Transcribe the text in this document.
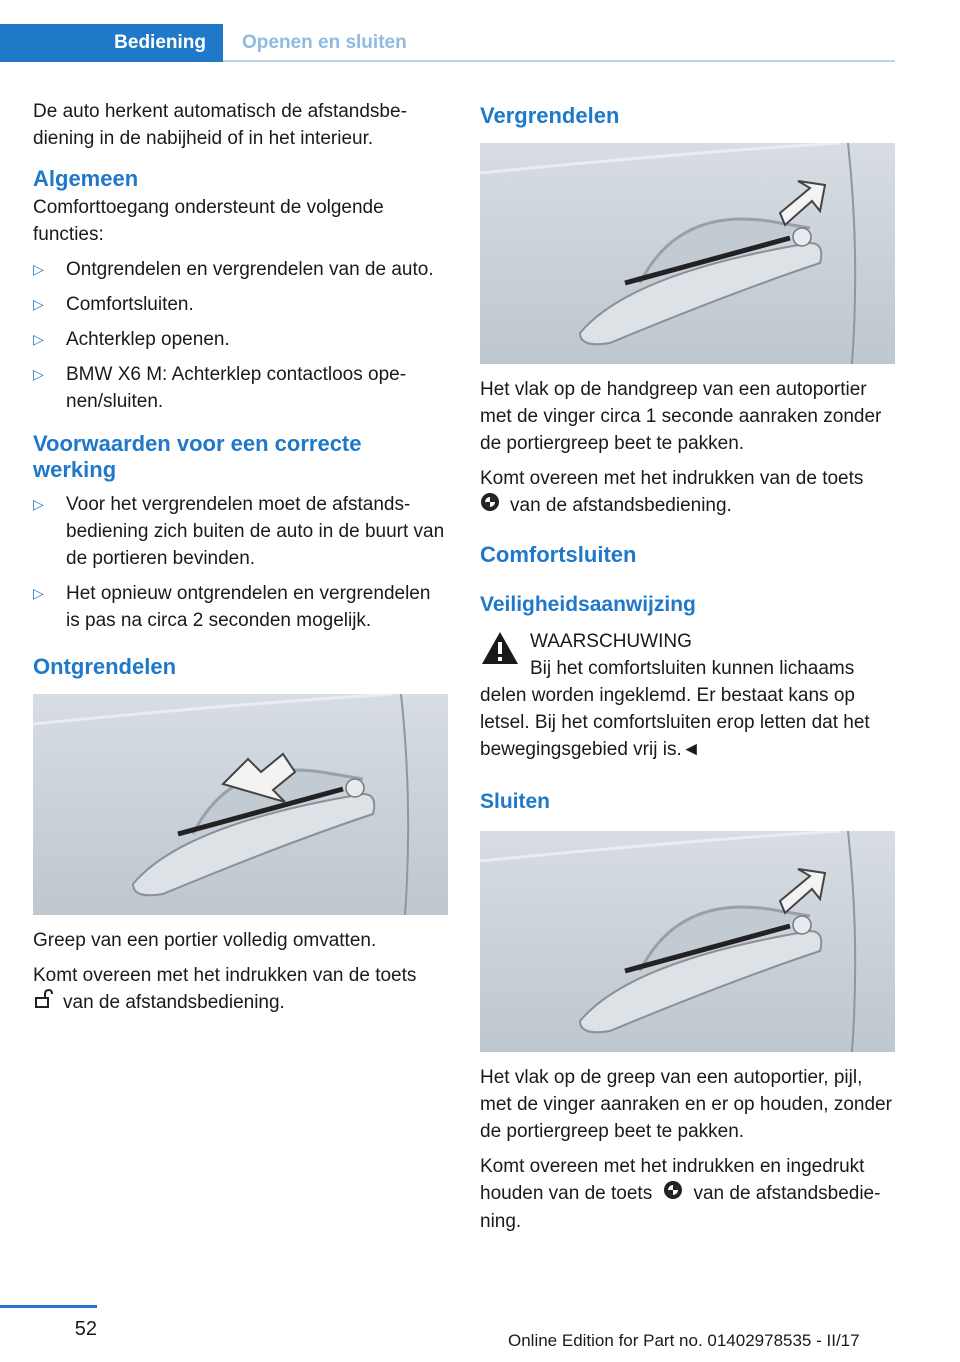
Bediening Openen en sluiten

De auto herkent automatisch de afstandsbediening in de nabijheid of in het interieur.

Algemeen

Comforttoegang ondersteunt de volgende functies:

▷ Ontgrendelen en vergrendelen van de auto.
▷ Comfortsluiten.
▷ Achterklep openen.
▷ BMW X6 M: Achterklep contactloos openen/sluiten.
Voorwaarden voor een correcte werking
▷ Voor het vergrendelen moet de afstandsbediening zich buiten de auto in de buurt van de portieren bevinden.
▷ Het opnieuw ontgrendelen en vergrendelen is pas na circa 2 seconden mogelijk.
Ontgrendelen

Greep van een portier volledig omvatten.

Komt overeen met het indrukken van de toets
van de afstandsbediening.

Vergrendelen

Het vlak op de handgreep van een autoportier met de vinger circa 1 seconde aanraken zonder de portiergreep beet te pakken.

Komt overeen met het indrukken van de toets
van de afstandsbediening.

Comfortsluiten
Veiligheidsaanwijzing
WAARSCHUWING
Bij het comfortsluiten kunnen lichaams
delen worden ingeklemd. Er bestaat kans op letsel. Bij het comfortsluiten erop letten dat het bewegingsgebied vrij is.◄
Sluiten

Het vlak op de greep van een autoportier, pijl, met de vinger aanraken en er op houden, zonder de portiergreep beet te pakken.

Komt overeen met het indrukken en ingedrukt houden van de toets van de afstandsbediening.

52
Online Edition for Part no. 01402978535 - II/17
